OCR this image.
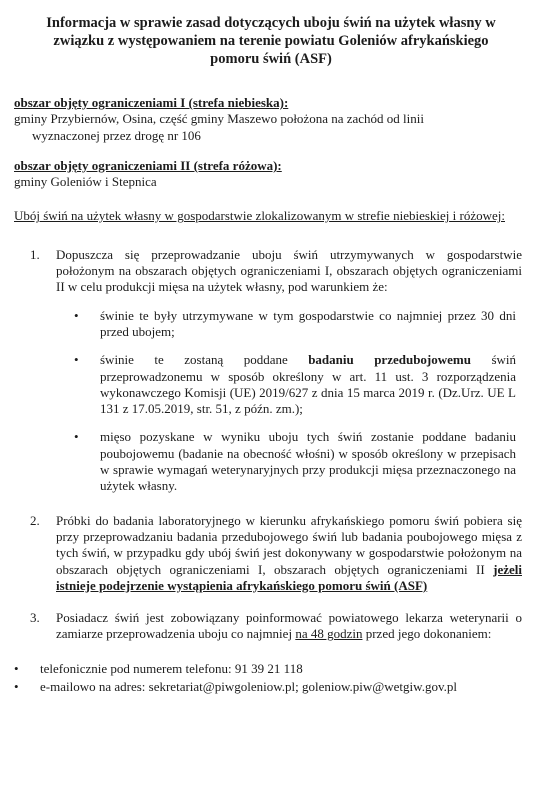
Informacja w sprawie zasad dotyczących uboju świń na użytek własny w
związku z występowaniem na terenie powiatu Goleniów afrykańskiego
pomoru świń (ASF)

obszar objęty ograniczeniami I (strefa niebieska):

gminy Przybiernów, Osina, część gminy Maszewo położona na zachód od linii

wyznaczonej przez drogę nr 106

obszar objęty ograniczeniami II (strefa różowa):

gminy Goleniów i Stepnica

Ubój świń na użytek własny w gospodarstwie zlokalizowanym w strefie niebieskiej i różowej:

1.	Dopuszcza się przeprowadzanie uboju świń utrzymywanych w gospodarstwie położonym na obszarach objętych ograniczeniami I, obszarach objętych ograniczeniami II w celu produkcji mięsa na użytek własny, pod warunkiem że:
•	świnie te były utrzymywane w tym gospodarstwie co najmniej przez 30 dni przed ubojem;
•	świnie te zostaną poddane badaniu przedubojowemu świń przeprowadzonemu w sposób określony w art. 11 ust. 3 rozporządzenia wykonawczego Komisji (UE) 2019/627 z dnia 15 marca 2019 r. (Dz.Urz. UE L 131 z 17.05.2019, str. 51, z późn. zm.);
•	mięso pozyskane w wyniku uboju tych świń zostanie poddane badaniu poubojowemu (badanie na obecność włośni) w sposób określony w przepisach w sprawie wymagań weterynaryjnych przy produkcji mięsa przeznaczonego na użytek własny.
2.	Próbki do badania laboratoryjnego w kierunku afrykańskiego pomoru świń pobiera się przy przeprowadzaniu badania przedubojowego świń lub badania poubojowego mięsa z tych świń, w przypadku gdy ubój świń jest dokonywany w gospodarstwie położonym na obszarach objętych ograniczeniami I, obszarach objętych ograniczeniami II jeżeli istnieje podejrzenie wystąpienia afrykańskiego pomoru świń (ASF)
3.	Posiadacz świń jest zobowiązany poinformować powiatowego lekarza weterynarii o zamiarze przeprowadzenia uboju co najmniej na 48 godzin przed jego dokonaniem:
•	telefonicznie pod numerem telefonu: 91 39 21 118
•	e-mailowo na adres: sekretariat@piwgoleniow.pl; goleniow.piw@wetgiw.gov.pl
